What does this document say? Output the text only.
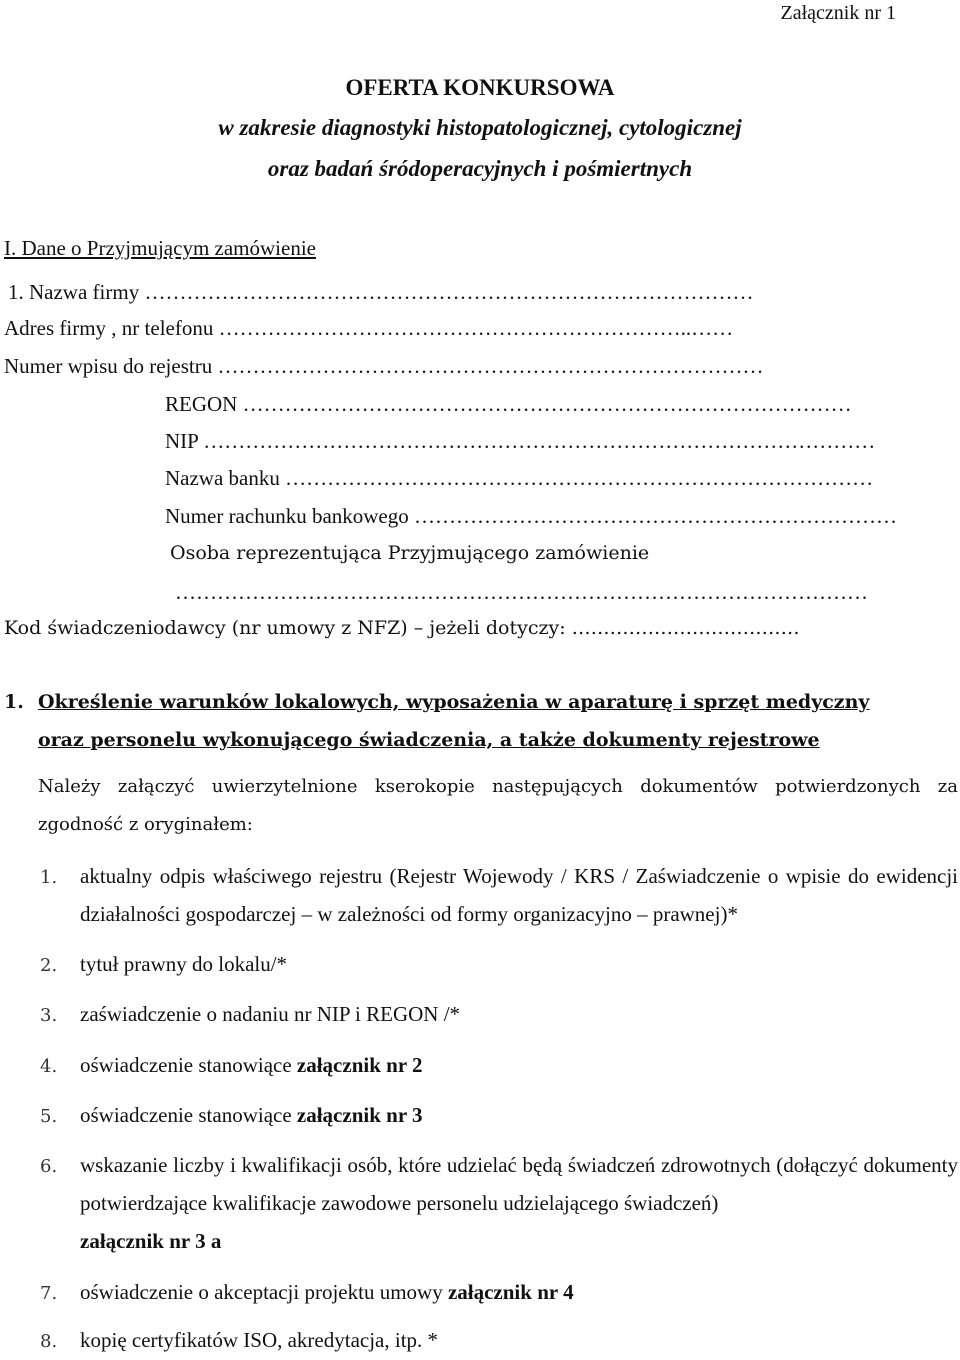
Załącznik nr 1
OFERTA KONKURSOWA
w zakresie diagnostyki histopatologicznej, cytologicznej
oraz badań śródoperacyjnych i pośmiertnych
I. Dane o Przyjmującym zamówienie
1. Nazwa firmy ……………………………………………………………………………
Adres firmy , nr telefonu …………………………………………………………..……
Numer wpisu do rejestru ……………………………………………………………………
REGON ……………………………………………………………………………
NIP ……………………………………………………………………………………
Nazwa banku …………………………………………………………………………
Numer rachunku bankowego ……………………………………………………………
Osoba reprezentująca Przyjmującego zamówienie
………………………………………………………………………………………
Kod świadczeniodawcy (nr umowy z NFZ) – jeżeli dotyczy: ………………………………
1. Określenie warunków lokalowych, wyposażenia w aparaturę i sprzęt medyczny
oraz personelu wykonującego świadczenia, a także dokumenty rejestrowe
Należy załączyć uwierzytelnione kserokopie następujących dokumentów potwierdzonych za zgodność z oryginałem:
1. aktualny odpis właściwego rejestru (Rejestr Wojewody / KRS / Zaświadczenie o wpisie do ewidencji działalności gospodarczej – w zależności od formy organizacyjno – prawnej)*
2. tytuł prawny do lokalu/*
3. zaświadczenie o nadaniu nr NIP i REGON /*
4. oświadczenie stanowiące załącznik nr 2
5. oświadczenie stanowiące załącznik nr 3
6. wskazanie liczby i kwalifikacji osób, które udzielać będą świadczeń zdrowotnych (dołączyć dokumenty potwierdzające kwalifikacje zawodowe personelu udzielającego świadczeń)
załącznik nr 3 a
7. oświadczenie o akceptacji projektu umowy załącznik nr 4
8. kopię certyfikatów ISO, akredytacja, itp. *
